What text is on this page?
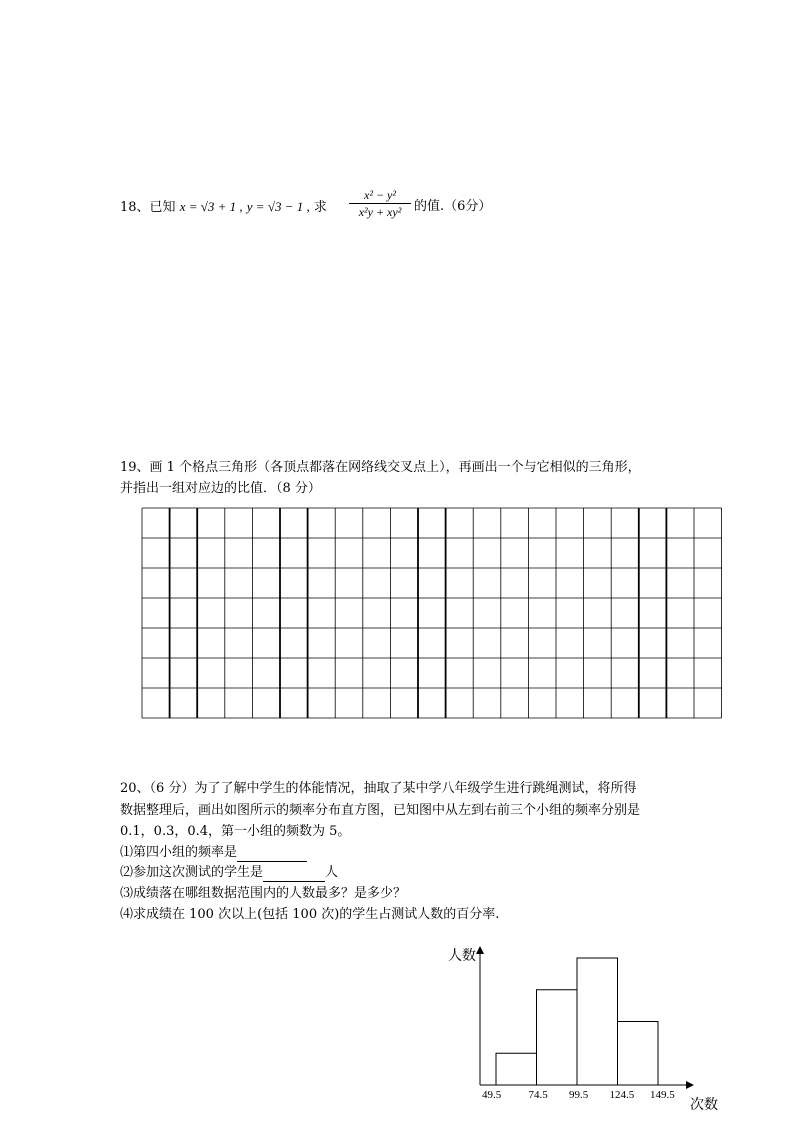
18、已知 x = √3 + 1 , y = √3 − 1 , 求
x² − y²
x²y + xy² 的值.（6分）
19、画 1 个格点三角形（各顶点都落在网络线交叉点上），再画出一个与它相似的三角形，
并指出一组对应边的比值．（8 分）
20、（6 分）为了了解中学生的体能情况，抽取了某中学八年级学生进行跳绳测试，将所得
数据整理后，画出如图所示的频率分布直方图，已知图中从左到右前三个小组的频率分别是
0.1，0.3，0.4，第一小组的频数为 5。
⑴第四小组的频率是
⑵参加这次测试的学生是	人
⑶成绩落在哪组数据范围内的人数最多？是多少？
⑷求成绩在 100 次以上(包括 100 次)的学生占测试人数的百分率.
人数
49.5 74.5 99.5 124.5 149.5
次数
